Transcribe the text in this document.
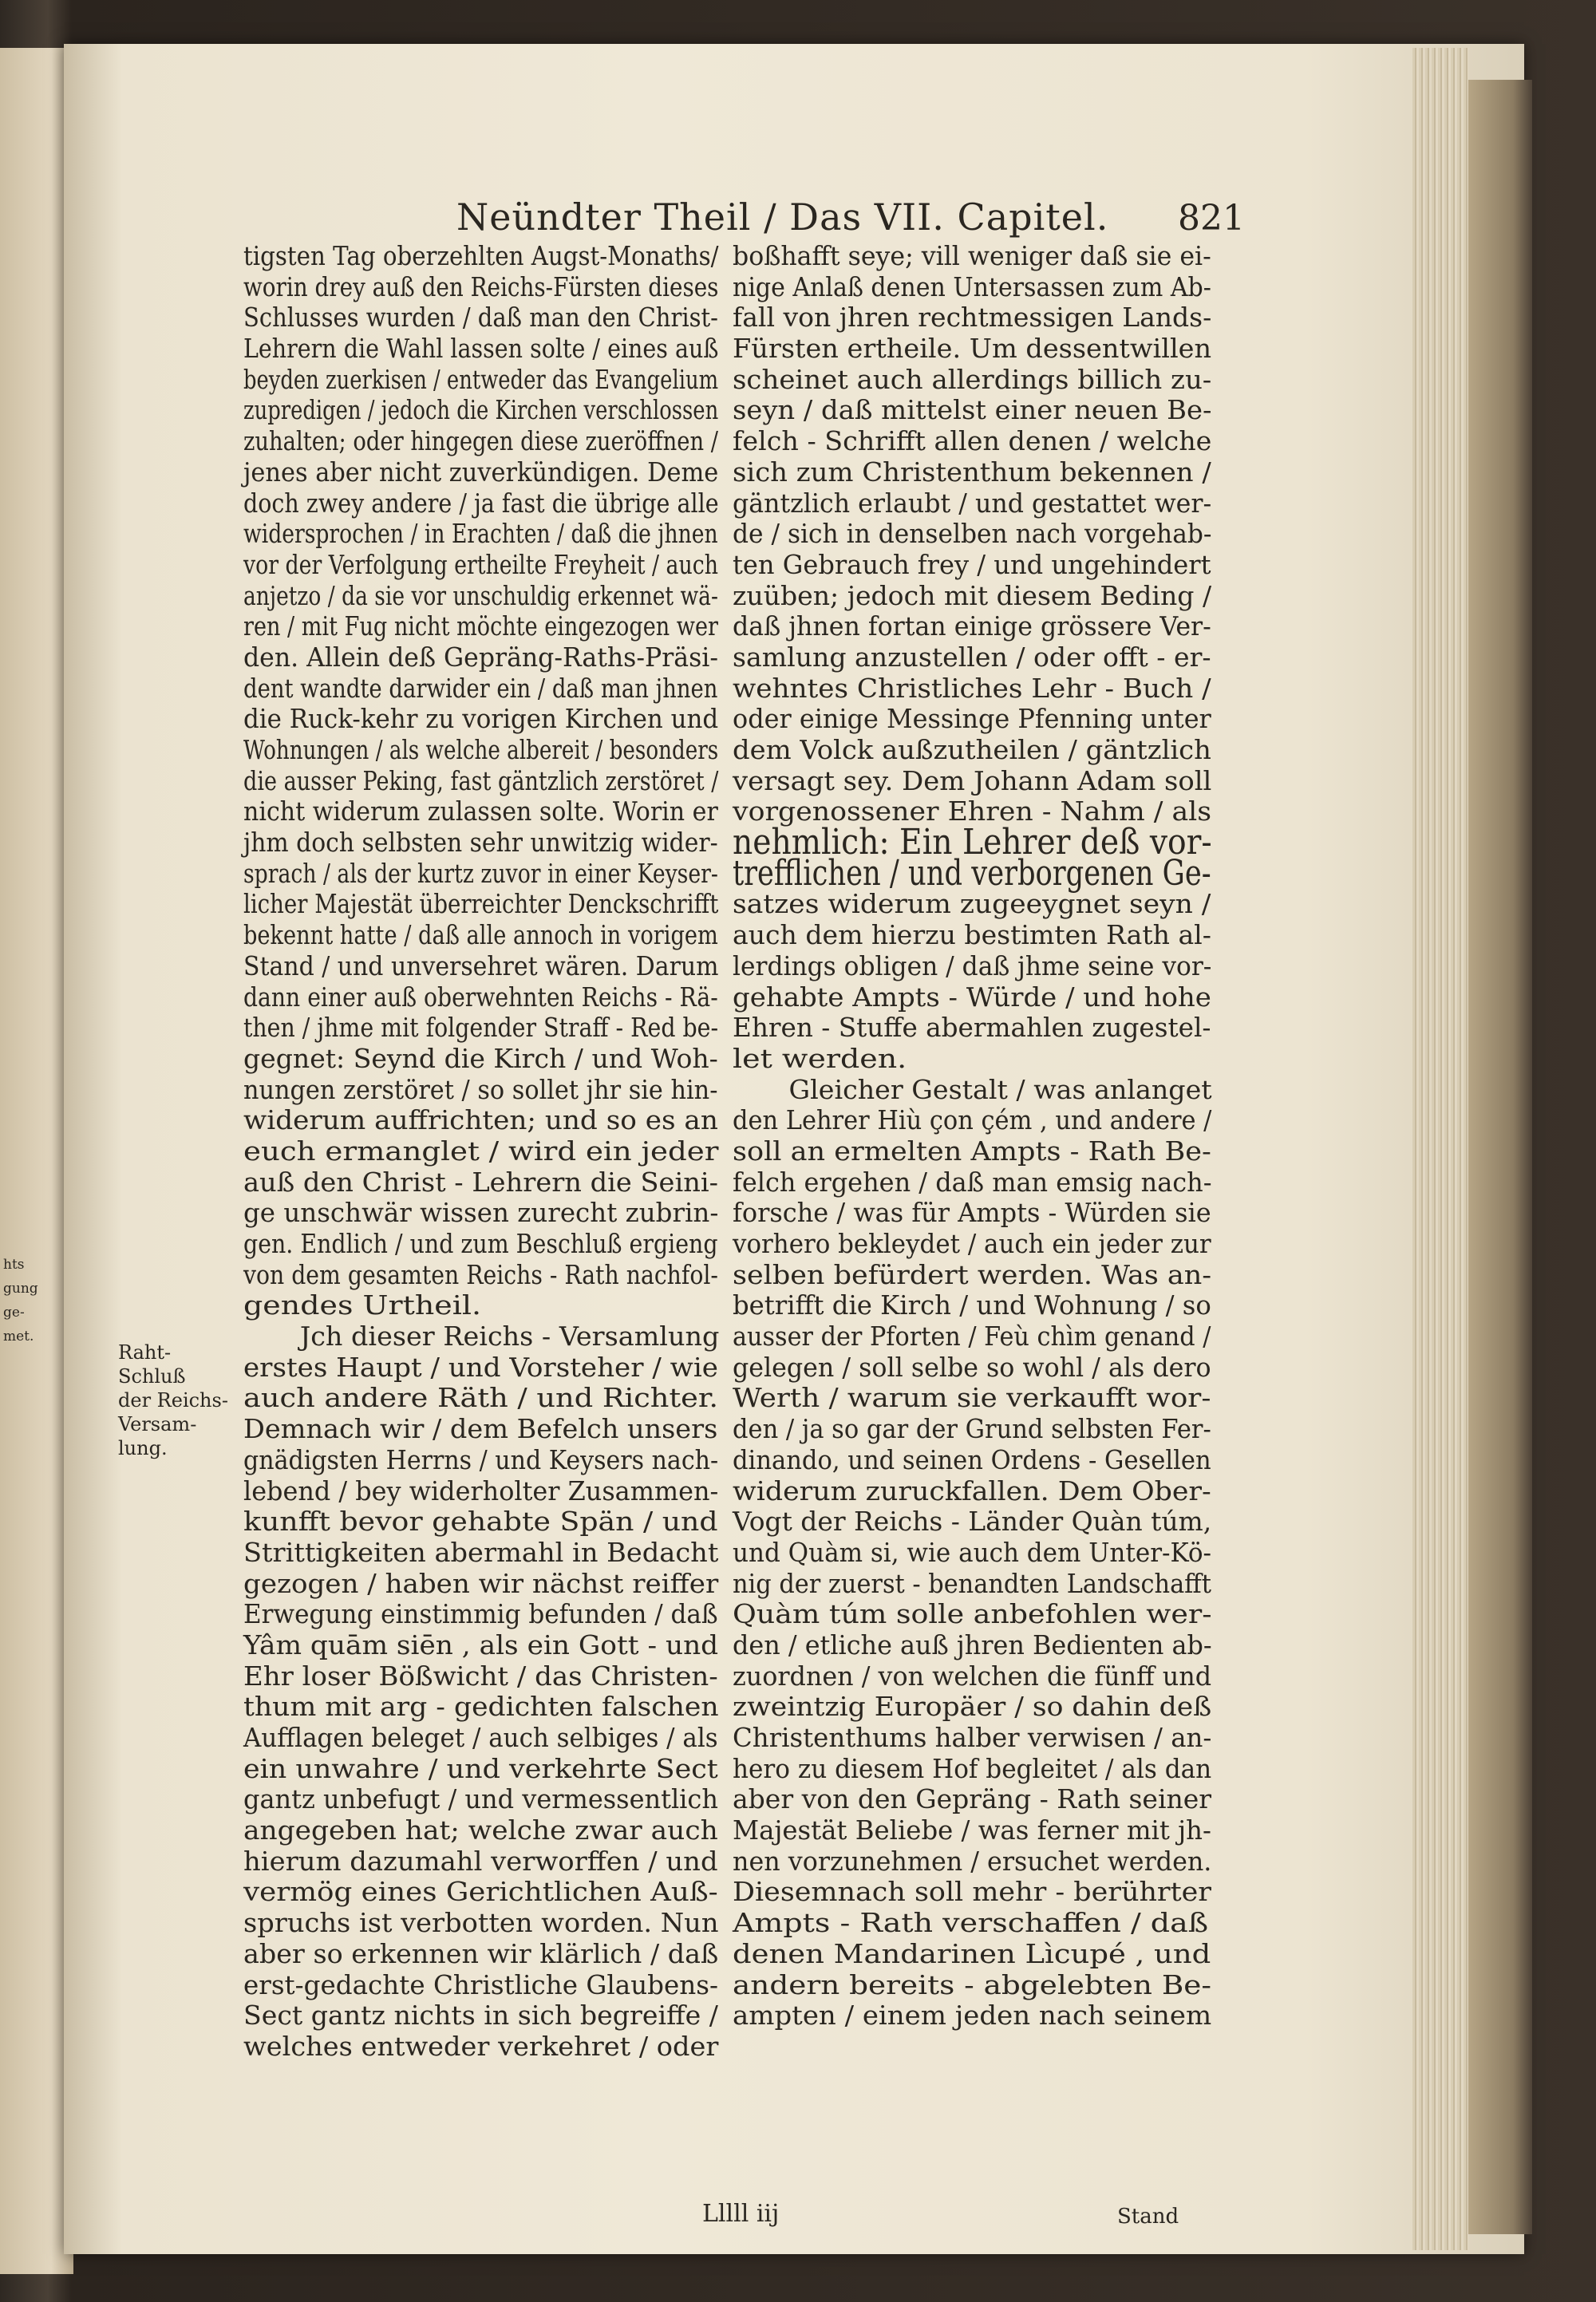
hts
gung
ge-
met.
Neündter Theil / Das VII. Capitel.	821
Raht-
Schluß
der Reichs-
Versam-
lung.
tigsten Tag oberzehlten Augst-Monaths/
worin drey auß den Reichs-Fürsten dieses
Schlusses wurden / daß man den Christ-
Lehrern die Wahl lassen solte / eines auß
beyden zuerkisen / entweder das Evangelium
zupredigen / jedoch die Kirchen verschlossen
zuhalten; oder hingegen diese zueröffnen /
jenes aber nicht zuverkündigen. Deme
doch zwey andere / ja fast die übrige alle
widersprochen / in Erachten / daß die jhnen
vor der Verfolgung ertheilte Freyheit / auch
anjetzo / da sie vor unschuldig erkennet wä-
ren / mit Fug nicht möchte eingezogen wer
den. Allein deß Gepräng-Raths-Präsi-
dent wandte darwider ein / daß man jhnen
die Ruck-kehr zu vorigen Kirchen und
Wohnungen / als welche albereit / besonders
die ausser Peking, fast gäntzlich zerstöret /
nicht widerum zulassen solte. Worin er
jhm doch selbsten sehr unwitzig wider-
sprach / als der kurtz zuvor in einer Keyser-
licher Majestät überreichter Denckschrifft
bekennt hatte / daß alle annoch in vorigem
Stand / und unversehret wären. Darum
dann einer auß oberwehnten Reichs - Rä-
then / jhme mit folgender Straff - Red be-
gegnet: Seynd die Kirch / und Woh-
nungen zerstöret / so sollet jhr sie hin-
widerum auffrichten; und so es an
euch ermanglet / wird ein jeder
auß den Christ - Lehrern die Seini-
ge unschwär wissen zurecht zubrin-
gen. Endlich / und zum Beschluß ergieng
von dem gesamten Reichs - Rath nachfol-
gendes Urtheil.
Jch dieser Reichs - Versamlung
erstes Haupt / und Vorsteher / wie
auch andere Räth / und Richter.
Demnach wir / dem Befelch unsers
gnädigsten Herrns / und Keysers nach-
lebend / bey widerholter Zusammen-
kunfft bevor gehabte Spän / und
Strittigkeiten abermahl in Bedacht
gezogen / haben wir nächst reiffer
Erwegung einstimmig befunden / daß
Yâm quām siēn , als ein Gott - und
Ehr loser Bößwicht / das Christen-
thum mit arg - gedichten falschen
Aufflagen beleget / auch selbiges / als
ein unwahre / und verkehrte Sect
gantz unbefugt / und vermessentlich
angegeben hat; welche zwar auch
hierum dazumahl verworffen / und
vermög eines Gerichtlichen Auß-
spruchs ist verbotten worden. Nun
aber so erkennen wir klärlich / daß
erst-gedachte Christliche Glaubens-
Sect gantz nichts in sich begreiffe /
welches entweder verkehret / oder
boßhafft seye; vill weniger daß sie ei-
nige Anlaß denen Untersassen zum Ab-
fall von jhren rechtmessigen Lands-
Fürsten ertheile. Um dessentwillen
scheinet auch allerdings billich zu-
seyn / daß mittelst einer neuen Be-
felch - Schrifft allen denen / welche
sich zum Christenthum bekennen /
gäntzlich erlaubt / und gestattet wer-
de / sich in denselben nach vorgehab-
ten Gebrauch frey / und ungehindert
zuüben; jedoch mit diesem Beding /
daß jhnen fortan einige grössere Ver-
samlung anzustellen / oder offt - er-
wehntes Christliches Lehr - Buch /
oder einige Messinge Pfenning unter
dem Volck außzutheilen / gäntzlich
versagt sey. Dem Johann Adam soll
vorgenossener Ehren - Nahm / als
nehmlich: Ein Lehrer deß vor-
trefflichen / und verborgenen Ge-
satzes widerum zugeeygnet seyn /
auch dem hierzu bestimten Rath al-
lerdings obligen / daß jhme seine vor-
gehabte Ampts - Würde / und hohe
Ehren - Stuffe abermahlen zugestel-
let werden.
Gleicher Gestalt / was anlanget
den Lehrer Hiù çon çém , und andere /
soll an ermelten Ampts - Rath Be-
felch ergehen / daß man emsig nach-
forsche / was für Ampts - Würden sie
vorhero bekleydet / auch ein jeder zur
selben befürdert werden. Was an-
betrifft die Kirch / und Wohnung / so
ausser der Pforten / Feù chìm genand /
gelegen / soll selbe so wohl / als dero
Werth / warum sie verkaufft wor-
den / ja so gar der Grund selbsten Fer-
dinando, und seinen Ordens - Gesellen
widerum zuruckfallen. Dem Ober-
Vogt der Reichs - Länder Quàn túm,
und Quàm si, wie auch dem Unter-Kö-
nig der zuerst - benandten Landschafft
Quàm túm solle anbefohlen wer-
den / etliche auß jhren Bedienten ab-
zuordnen / von welchen die fünff und
zweintzig Europäer / so dahin deß
Christenthums halber verwisen / an-
hero zu diesem Hof begleitet / als dan
aber von den Gepräng - Rath seiner
Majestät Beliebe / was ferner mit jh-
nen vorzunehmen / ersuchet werden.
Diesemnach soll mehr - berührter
Ampts - Rath verschaffen / daß
denen Mandarinen Lìcupé , und
andern bereits - abgelebten Be-
ampten / einem jeden nach seinem
Lllll iij	Stand
